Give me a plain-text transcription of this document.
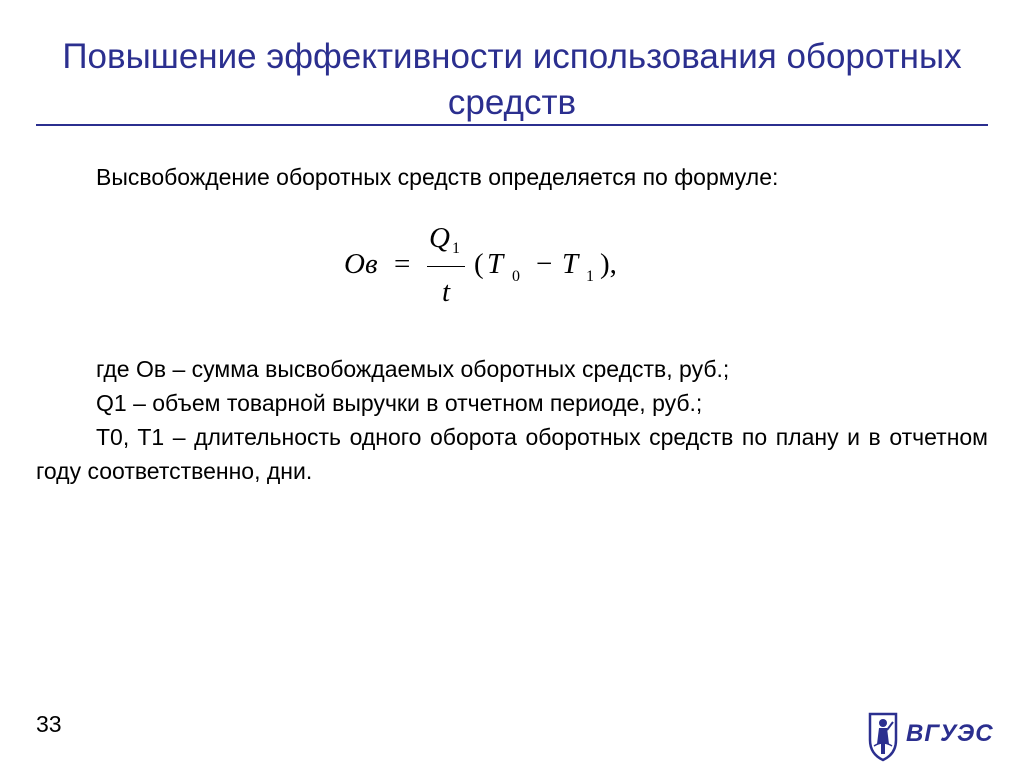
Повышение эффективности использования оборотных средств

Высвобождение оборотных средств определяется по формуле:

Ов =
Q 1
t
( T 0 − T 1 ),

где Ов – сумма высвобождаемых оборотных средств, руб.;

Q1 – объем товарной выручки в отчетном периоде, руб.;

T0, T1 – длительность одного оборота оборотных средств по плану и в отчетном году соответственно, дни.

33	ВГУЭС
